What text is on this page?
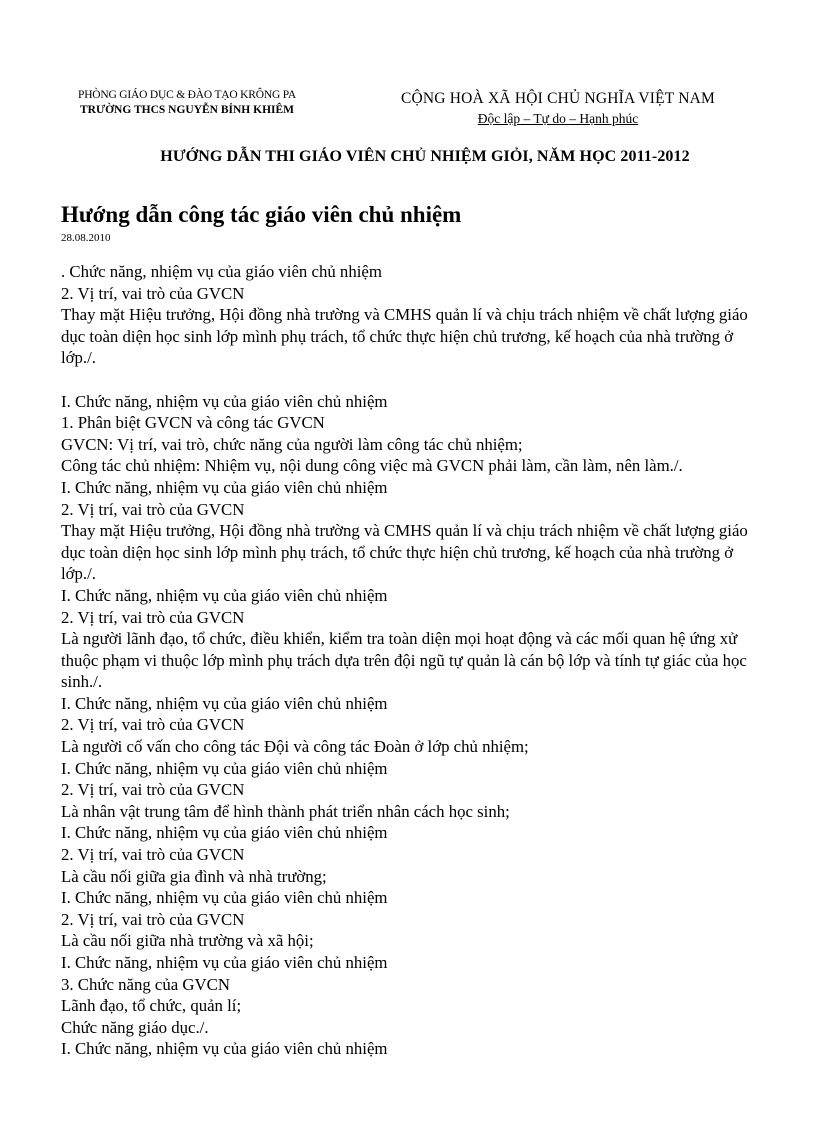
PHÒNG GIÁO DỤC & ĐÀO TẠO KRÔNG PA
TRƯỜNG THCS NGUYỄN BỈNH KHIÊM
CỘNG HOÀ XÃ HỘI CHỦ NGHĨA VIỆT NAM
Độc lập – Tự do – Hạnh phúc
HƯỚNG DẪN THI GIÁO VIÊN CHỦ NHIỆM GIỎI, NĂM HỌC 2011-2012
Hướng dẫn công tác giáo viên chủ nhiệm
28.08.2010

. Chức năng, nhiệm vụ của giáo viên chủ nhiệm

2. Vị trí, vai trò của GVCN

Thay mặt Hiệu trưởng, Hội đồng nhà trường và CMHS quản lí và chịu trách nhiệm về chất lượng giáo dục toàn diện học sinh lớp mình phụ trách, tổ chức thực hiện chủ trương, kế hoạch của nhà trường ở lớp./.

I. Chức năng, nhiệm vụ của giáo viên chủ nhiệm

1. Phân biệt GVCN và công tác GVCN

GVCN: Vị trí, vai trò, chức năng của người làm công tác chủ nhiệm;

Công tác chủ nhiệm: Nhiệm vụ, nội dung công việc mà GVCN phải làm, cần làm, nên làm./.

I. Chức năng, nhiệm vụ của giáo viên chủ nhiệm

2. Vị trí, vai trò của GVCN

Thay mặt Hiệu trưởng, Hội đồng nhà trường và CMHS quản lí và chịu trách nhiệm về chất lượng giáo dục toàn diện học sinh lớp mình phụ trách, tổ chức thực hiện chủ trương, kế hoạch của nhà trường ở lớp./.

I. Chức năng, nhiệm vụ của giáo viên chủ nhiệm

2. Vị trí, vai trò của GVCN

Là người lãnh đạo, tổ chức, điều khiển, kiểm tra toàn diện mọi hoạt động và các mối quan hệ ứng xử thuộc phạm vi thuộc lớp mình phụ trách dựa trên đội ngũ tự quản là cán bộ lớp và tính tự giác của học sinh./.

I. Chức năng, nhiệm vụ của giáo viên chủ nhiệm

2. Vị trí, vai trò của GVCN

Là người cố vấn cho công tác Đội và công tác Đoàn ở lớp chủ nhiệm;

I. Chức năng, nhiệm vụ của giáo viên chủ nhiệm

2. Vị trí, vai trò của GVCN

Là nhân vật trung tâm để hình thành phát triển nhân cách học sinh;

I. Chức năng, nhiệm vụ của giáo viên chủ nhiệm

2. Vị trí, vai trò của GVCN

Là cầu nối giữa gia đình và nhà trường;

I. Chức năng, nhiệm vụ của giáo viên chủ nhiệm

2. Vị trí, vai trò của GVCN

Là cầu nối giữa nhà trường và xã hội;

I. Chức năng, nhiệm vụ của giáo viên chủ nhiệm

3. Chức năng của GVCN

Lãnh đạo, tổ chức, quản lí;

Chức năng giáo dục./.

I. Chức năng, nhiệm vụ của giáo viên chủ nhiệm
